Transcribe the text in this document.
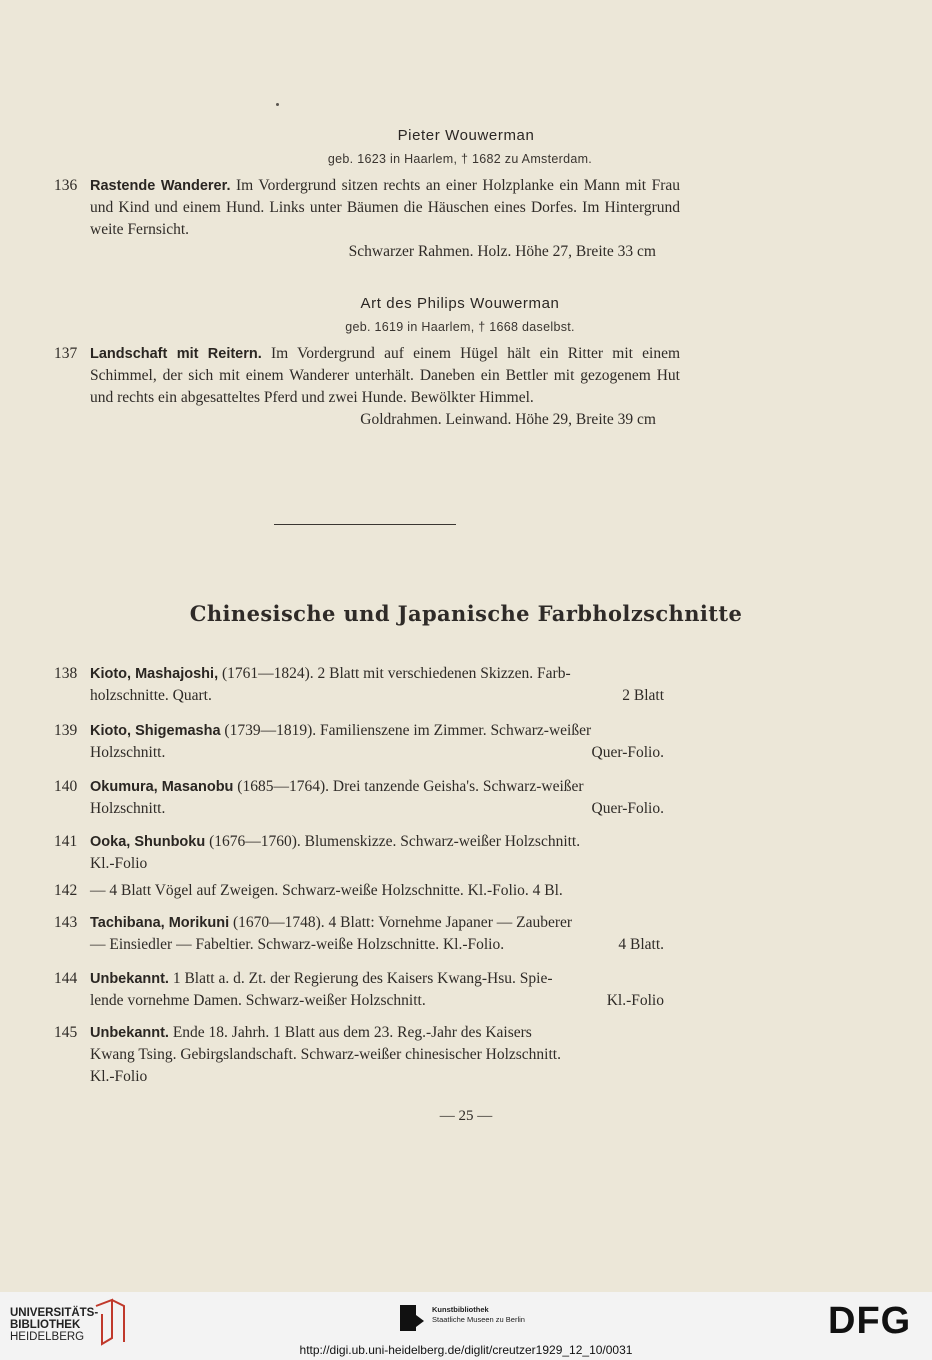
Pieter Wouwerman
geb. 1623 in Haarlem, † 1682 zu Amsterdam.
136 Rastende Wanderer. Im Vordergrund sitzen rechts an einer Holzplanke ein Mann mit Frau und Kind und einem Hund. Links unter Bäumen die Häuschen eines Dorfes. Im Hintergrund weite Fernsicht.
Schwarzer Rahmen. Holz. Höhe 27, Breite 33 cm
Art des Philips Wouwerman
geb. 1619 in Haarlem, † 1668 daselbst.
137 Landschaft mit Reitern. Im Vordergrund auf einem Hügel hält ein Ritter mit einem Schimmel, der sich mit einem Wanderer unterhält. Daneben ein Bettler mit gezogenem Hut und rechts ein abgesatteltes Pferd und zwei Hunde. Bewölkter Himmel.
Goldrahmen. Leinwand. Höhe 29, Breite 39 cm
Chinesische und Japanische Farbholzschnitte
138 Kioto, Mashajoshi, (1761—1824). 2 Blatt mit verschiedenen Skizzen. Farb-
holzschnitte. Quart.	2 Blatt
139 Kioto, Shigemasha (1739—1819). Familienszene im Zimmer. Schwarz-weißer
Holzschnitt.	Quer-Folio.
140 Okumura, Masanobu (1685—1764). Drei tanzende Geisha's. Schwarz-weißer
Holzschnitt.	Quer-Folio.
141 Ooka, Shunboku (1676—1760). Blumenskizze. Schwarz-weißer Holzschnitt.
Kl.-Folio
142 — 4 Blatt Vögel auf Zweigen. Schwarz-weiße Holzschnitte. Kl.-Folio. 4 Bl.
143 Tachibana, Morikuni (1670—1748). 4 Blatt: Vornehme Japaner — Zauberer
— Einsiedler — Fabeltier. Schwarz-weiße Holzschnitte. Kl.-Folio.	4 Blatt.
144 Unbekannt. 1 Blatt a. d. Zt. der Regierung des Kaisers Kwang-Hsu. Spie-
lende vornehme Damen. Schwarz-weißer Holzschnitt.	Kl.-Folio
145 Unbekannt. Ende 18. Jahrh. 1 Blatt aus dem 23. Reg.-Jahr des Kaisers
Kwang Tsing. Gebirgslandschaft. Schwarz-weißer chinesischer Holzschnitt.
Kl.-Folio
— 25 —
UNIVERSITÄTS-
BIBLIOTHEK
HEIDELBERG
Kunstbibliothek
Staatliche Museen zu Berlin	DFG
http://digi.ub.uni-heidelberg.de/diglit/creutzer1929_12_10/0031
